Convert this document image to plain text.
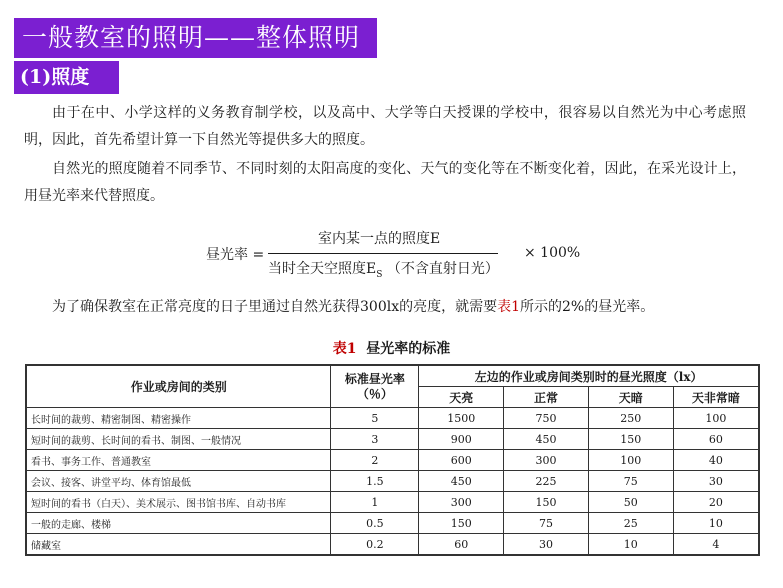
一般教室的照明——整体照明
(1)照度
由于在中、小学这样的义务教育制学校，以及高中、大学等白天授课的学校中，很容易以自然光为中心考虑照明，因此，首先希望计算一下自然光等提供多大的照度。
自然光的照度随着不同季节、不同时刻的太阳高度的变化、天气的变化等在不断变化着，因此，在采光设计上，用昼光率来代替照度。
昼光率 =
室内某一点的照度E
当时全天空照度$E_S$ （不含直射日光）
× 100%
为了确保教室在正常亮度的日子里通过自然光获得300lx的亮度，就需要表1所示的2%的昼光率。
表1 昼光率的标准
作业或房间的类别	标准昼光率（％）	左边的作业或房间类别时的昼光照度（lx）			
		天亮	正常	天暗	天非常暗
长时间的裁剪、精密制图、精密操作	5	1500	750	250	100
短时间的裁剪、长时间的看书、制图、一般情况	3	900	450	150	60
看书、事务工作、普通教室	2	600	300	100	40
会议、接客、讲堂平均、体育馆最低	1.5	450	225	75	30
短时间的看书（白天）、美术展示、图书馆书库、自动书库	1	300	150	50	20
一般的走廊、楼梯	0.5	150	75	25	10
储藏室	0.2	60	30	10	4
